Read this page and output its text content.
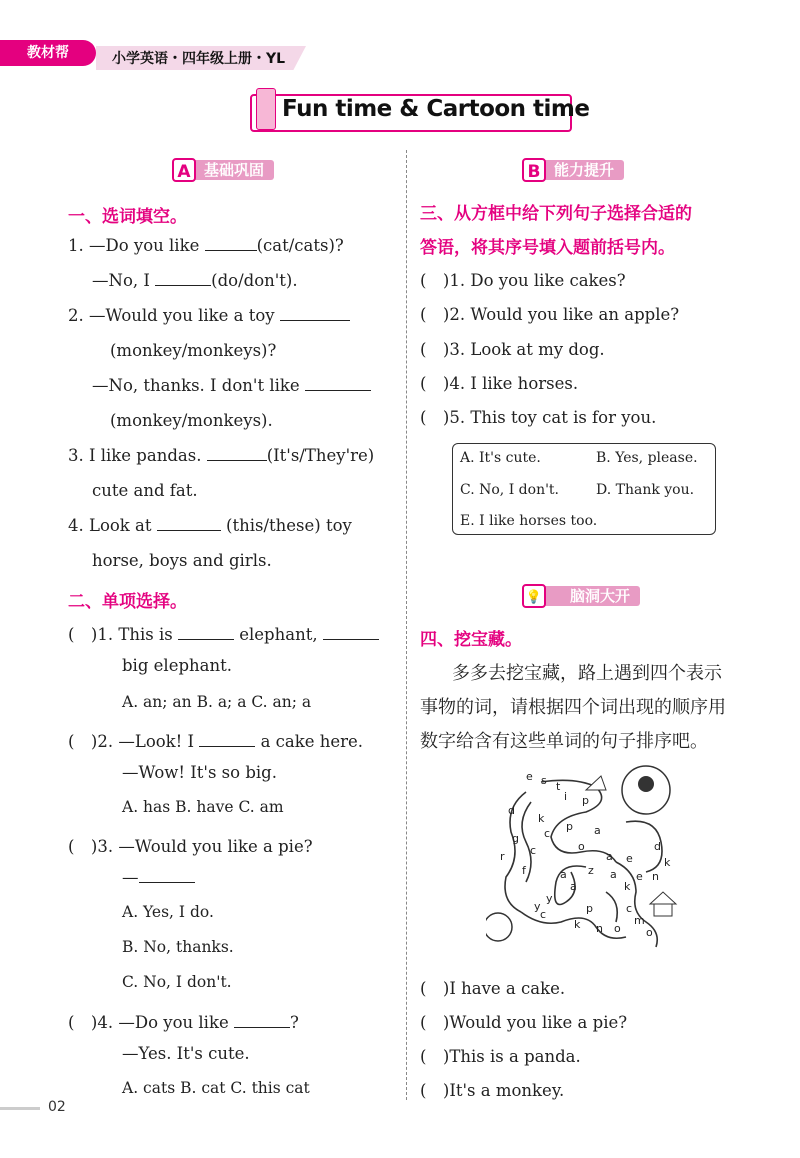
教材帮	小学英语・四年级上册・YL
Fun time & Cartoon time
基础巩固
A	能力提升
B
一、选词填空。
1. —Do you like	(cat/cats)?
—No, I	(do/don't).
2. —Would you like a toy
(monkey/monkeys)?
—No, thanks. I don't like
(monkey/monkeys).
3. I like pandas.	(It's/They're)
cute and fat.
4. Look at	(this/these) toy
horse, boys and girls.
二、单项选择。
(　)1. This is	elephant,
big elephant.
A. an; an B. a; a C. an; a
(　)2. —Look! I	a cake here.
—Wow! It's so big.
A. has B. have C. am
(　)3. —Would you like a pie?
—
A. Yes, I do.
B. No, thanks.
C. No, I don't.
(　)4. —Do you like	?
—Yes. It's cute.
A. cats B. cat C. this cat
三、从方框中给下列句子选择合适的
答语，将其序号填入题前括号内。
(　)1. Do you like cakes?
(　)2. Would you like an apple?
(　)3. Look at my dog.
(　)4. I like horses.
(　)5. This toy cat is for you.
A. It's cute.	B. Yes, please.
C. No, I don't.	D. Thank you.
E. I like horses too.
脑洞大开
💡
四、挖宝藏。
多多去挖宝藏，路上遇到四个表示
事物的词，请根据四个词出现的顺序用
数字给含有这些单词的句子排序吧。
e s t
i p
d
k
c
p a
g
o
c	a
d
r	e	k
n
f	a z a e
a
y
k
p
y
c
c
k n o
m
o
(　)I have a cake.
(　)Would you like a pie?
(　)This is a panda.
(　)It's a monkey.
02
